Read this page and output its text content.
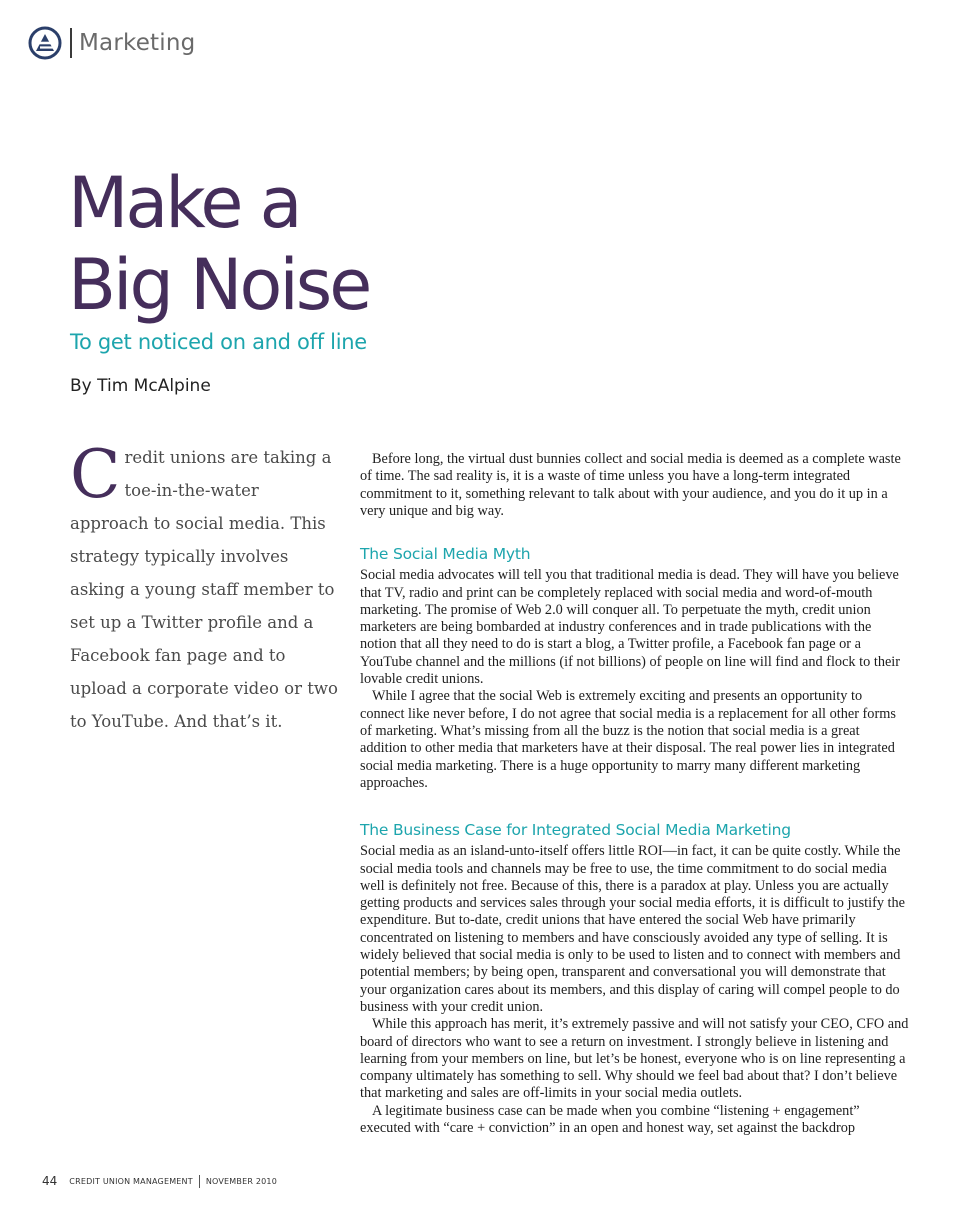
Marketing
Make a
Big Noise
To get noticed on and off line
By Tim McAlpine

Credit unions are taking a toe-in-the-water approach to social media. This strategy typically involves asking a young staff member to set up a Twitter profile and a Facebook fan page and to upload a corporate video or two to YouTube. And that’s it.

Before long, the virtual dust bunnies collect and social media is deemed as a complete waste of time. The sad reality is, it is a waste of time unless you have a long-term integrated commitment to it, something relevant to talk about with your audience, and you do it up in a very unique and big way.

The Social Media Myth

Social media advocates will tell you that traditional media is dead. They will have you believe that TV, radio and print can be completely replaced with social media and word-of-mouth marketing. The promise of Web 2.0 will conquer all. To perpetuate the myth, credit union marketers are being bombarded at industry conferences and in trade publications with the notion that all they need to do is start a blog, a Twitter profile, a Facebook fan page or a YouTube channel and the millions (if not billions) of people on line will find and flock to their lovable credit unions.

While I agree that the social Web is extremely exciting and presents an opportunity to connect like never before, I do not agree that social media is a replacement for all other forms of marketing. What’s missing from all the buzz is the notion that social media is a great addition to other media that marketers have at their disposal. The real power lies in integrated social media marketing. There is a huge opportunity to marry many different marketing approaches.

The Business Case for Integrated Social Media Marketing

Social media as an island-unto-itself offers little ROI—in fact, it can be quite costly. While the social media tools and channels may be free to use, the time commitment to do social media well is definitely not free. Because of this, there is a paradox at play. Unless you are actually getting products and services sales through your social media efforts, it is difficult to justify the expenditure. But to-date, credit unions that have entered the social Web have primarily concentrated on listening to members and have consciously avoided any type of selling. It is widely believed that social media is only to be used to listen and to connect with members and potential members; by being open, transparent and conversational you will demonstrate that your organization cares about its members, and this display of caring will compel people to do business with your credit union.

While this approach has merit, it’s extremely passive and will not satisfy your CEO, CFO and board of directors who want to see a return on investment. I strongly believe in listening and learning from your members on line, but let’s be honest, everyone who is on line representing a company ultimately has something to sell. Why should we feel bad about that? I don’t believe that marketing and sales are off-limits in your social media outlets.

A legitimate business case can be made when you combine “listening + engagement” executed with “care + conviction” in an open and honest way, set against the backdrop

44 CREDIT UNION MANAGEMENT NOVEMBER 2010
